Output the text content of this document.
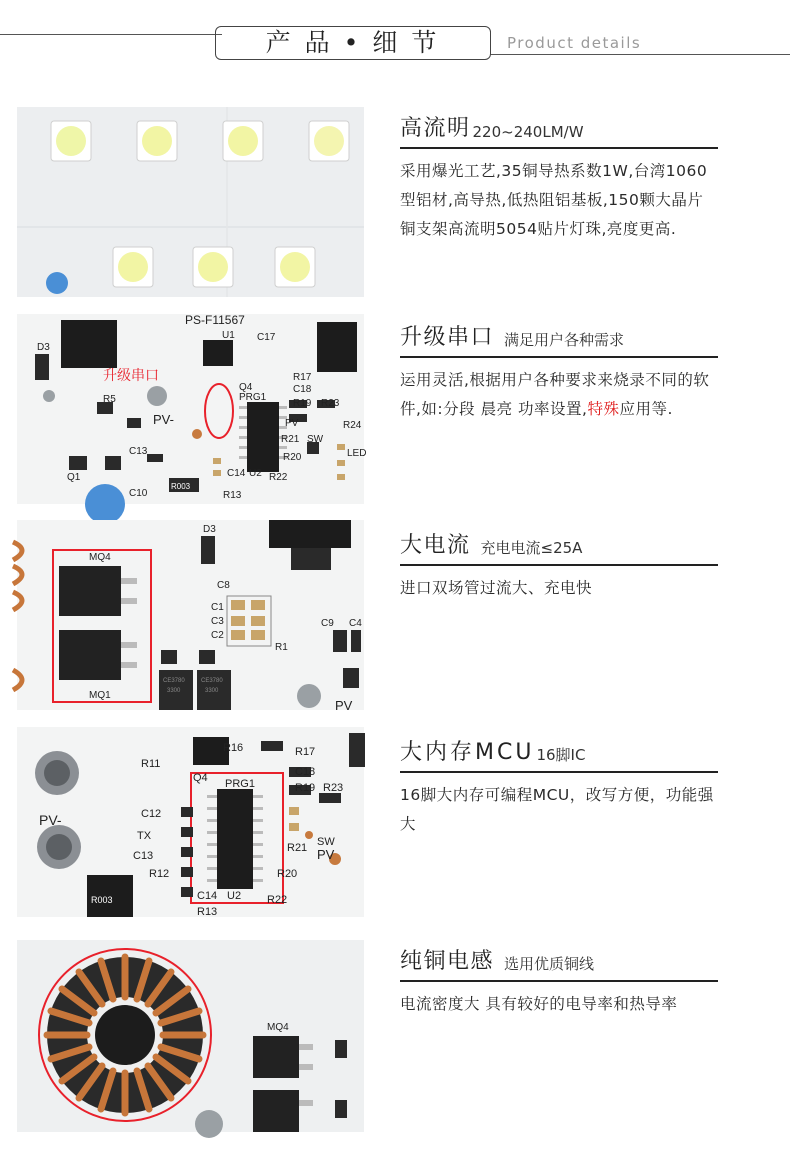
产品•细节	Product details
PS-F11567
升级串口
U1 C17
D3
R17
C18
R19 R23
R24
Q4
PRG1
R21 SW
PV
PV-
LED
C14 U2 R22
R20
C10
Q1
C13
R003
R5
R13
CE3780
3300
CE3780
3300
MQ4
MQ1
D3
C8
C1
C3
C2
R1
C9 C4
PV
PRG1
Q4
R16	R17
C18
R19 R23
R11
C12
TX
C13
R12
C14 U2
R13
R22
R20
R21 SW
PV-
PV
R003
MQ4
高流明 220~240LM/W
采用爆光工艺,35铜导热系数1W,台湾1060型铝材,高导热,低热阻铝基板,150颗大晶片铜支架高流明5054贴片灯珠,亮度更高.
升级串口 满足用户各种需求
运用灵活,根据用户各种要求来烧录不同的软件,如:分段 晨亮 功率设置,特殊应用等.
大电流 充电电流≤25A
进口双场管过流大、充电快
大内存MCU 16脚IC
16脚大内存可编程MCU，改写方便，功能强大
纯铜电感 选用优质铜线
电流密度大 具有较好的电导率和热导率
